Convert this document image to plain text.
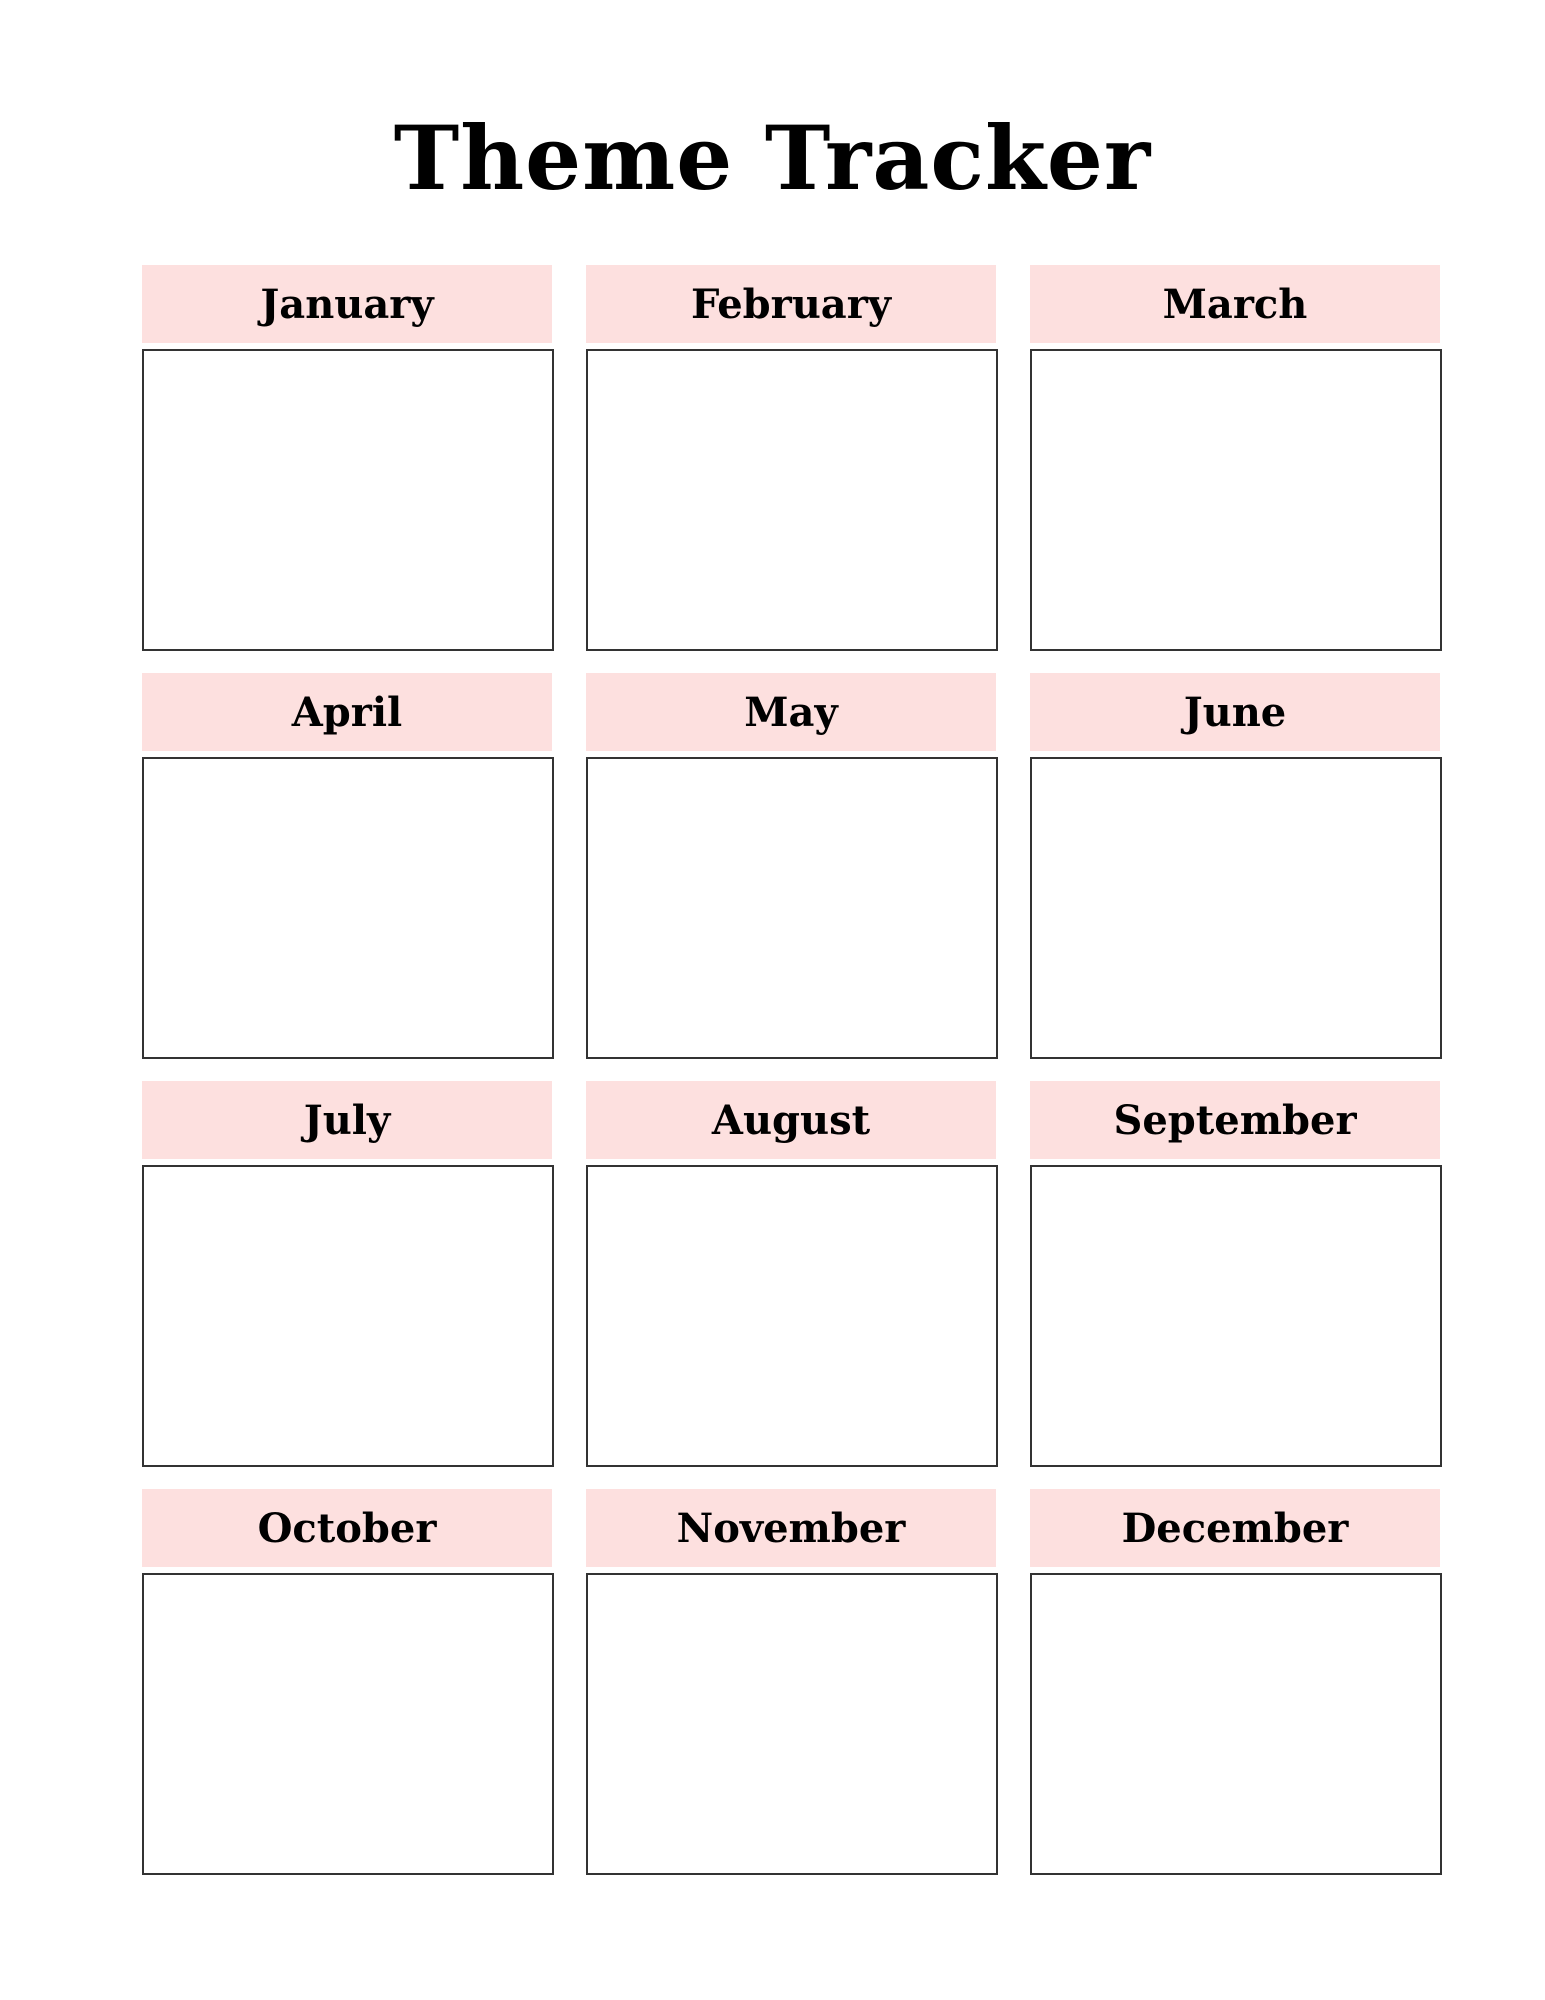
Theme Tracker
January	February	March
April	May	June
July	August	September
October	November	December
